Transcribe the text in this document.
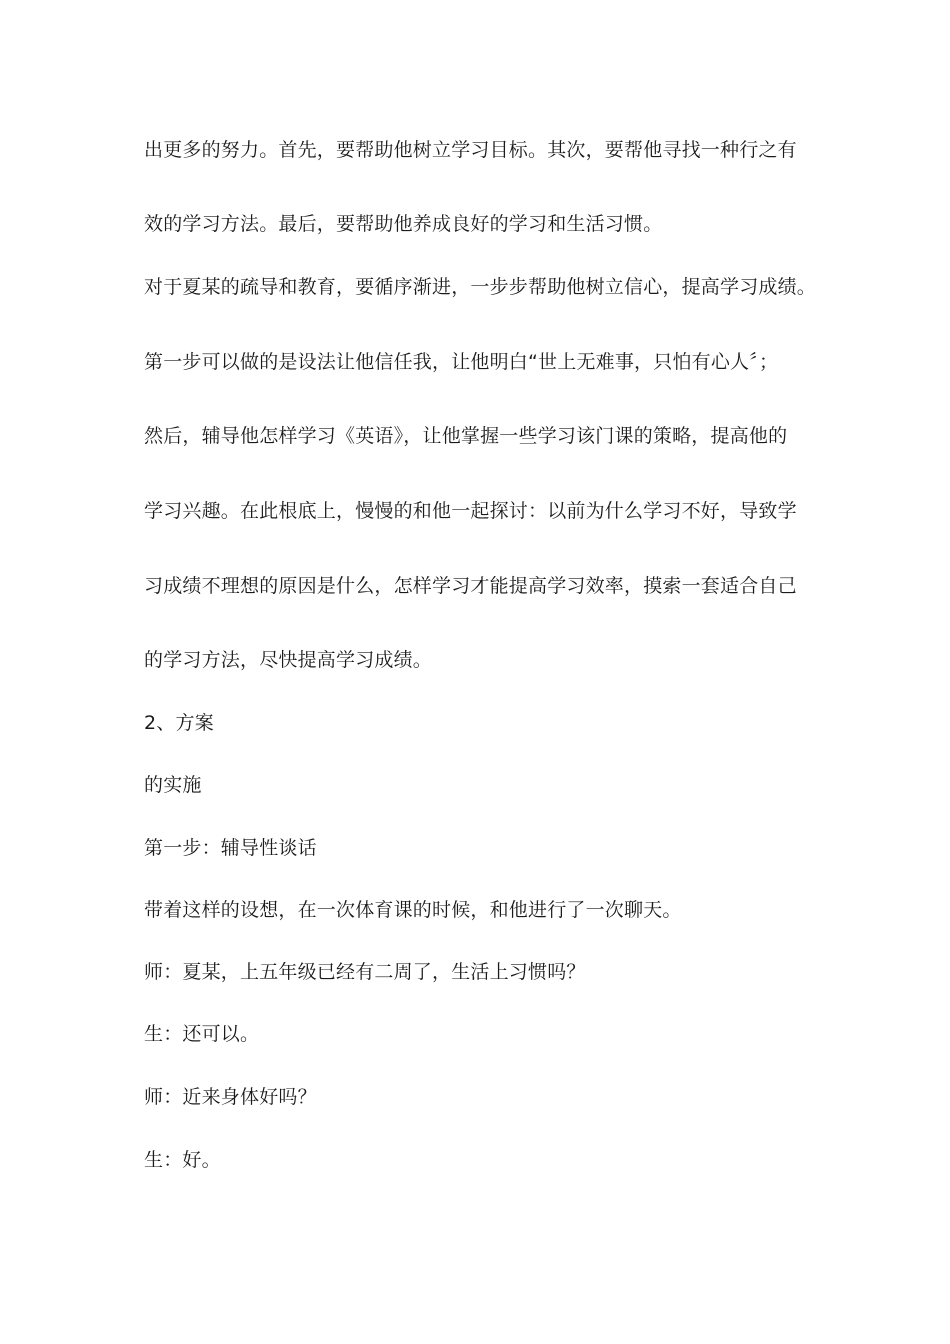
出更多的努力。首先，要帮助他树立学习目标。其次，要帮他寻找一种行之有
效的学习方法。最后，要帮助他养成良好的学习和生活习惯。
对于夏某的疏导和教育，要循序渐进，一步步帮助他树立信心，提高学习成绩。
第一步可以做的是设法让他信任我，让他明白“世上无难事，只怕有心人〞；
然后，辅导他怎样学习《英语》，让他掌握一些学习该门课的策略，提高他的
学习兴趣。在此根底上，慢慢的和他一起探讨：以前为什么学习不好，导致学
习成绩不理想的原因是什么，怎样学习才能提高学习效率，摸索一套适合自己
的学习方法，尽快提高学习成绩。
2、方案
的实施
第一步：辅导性谈话
带着这样的设想，在一次体育课的时候，和他进行了一次聊天。
师：夏某，上五年级已经有二周了，生活上习惯吗？
生：还可以。
师：近来身体好吗？
生：好。
